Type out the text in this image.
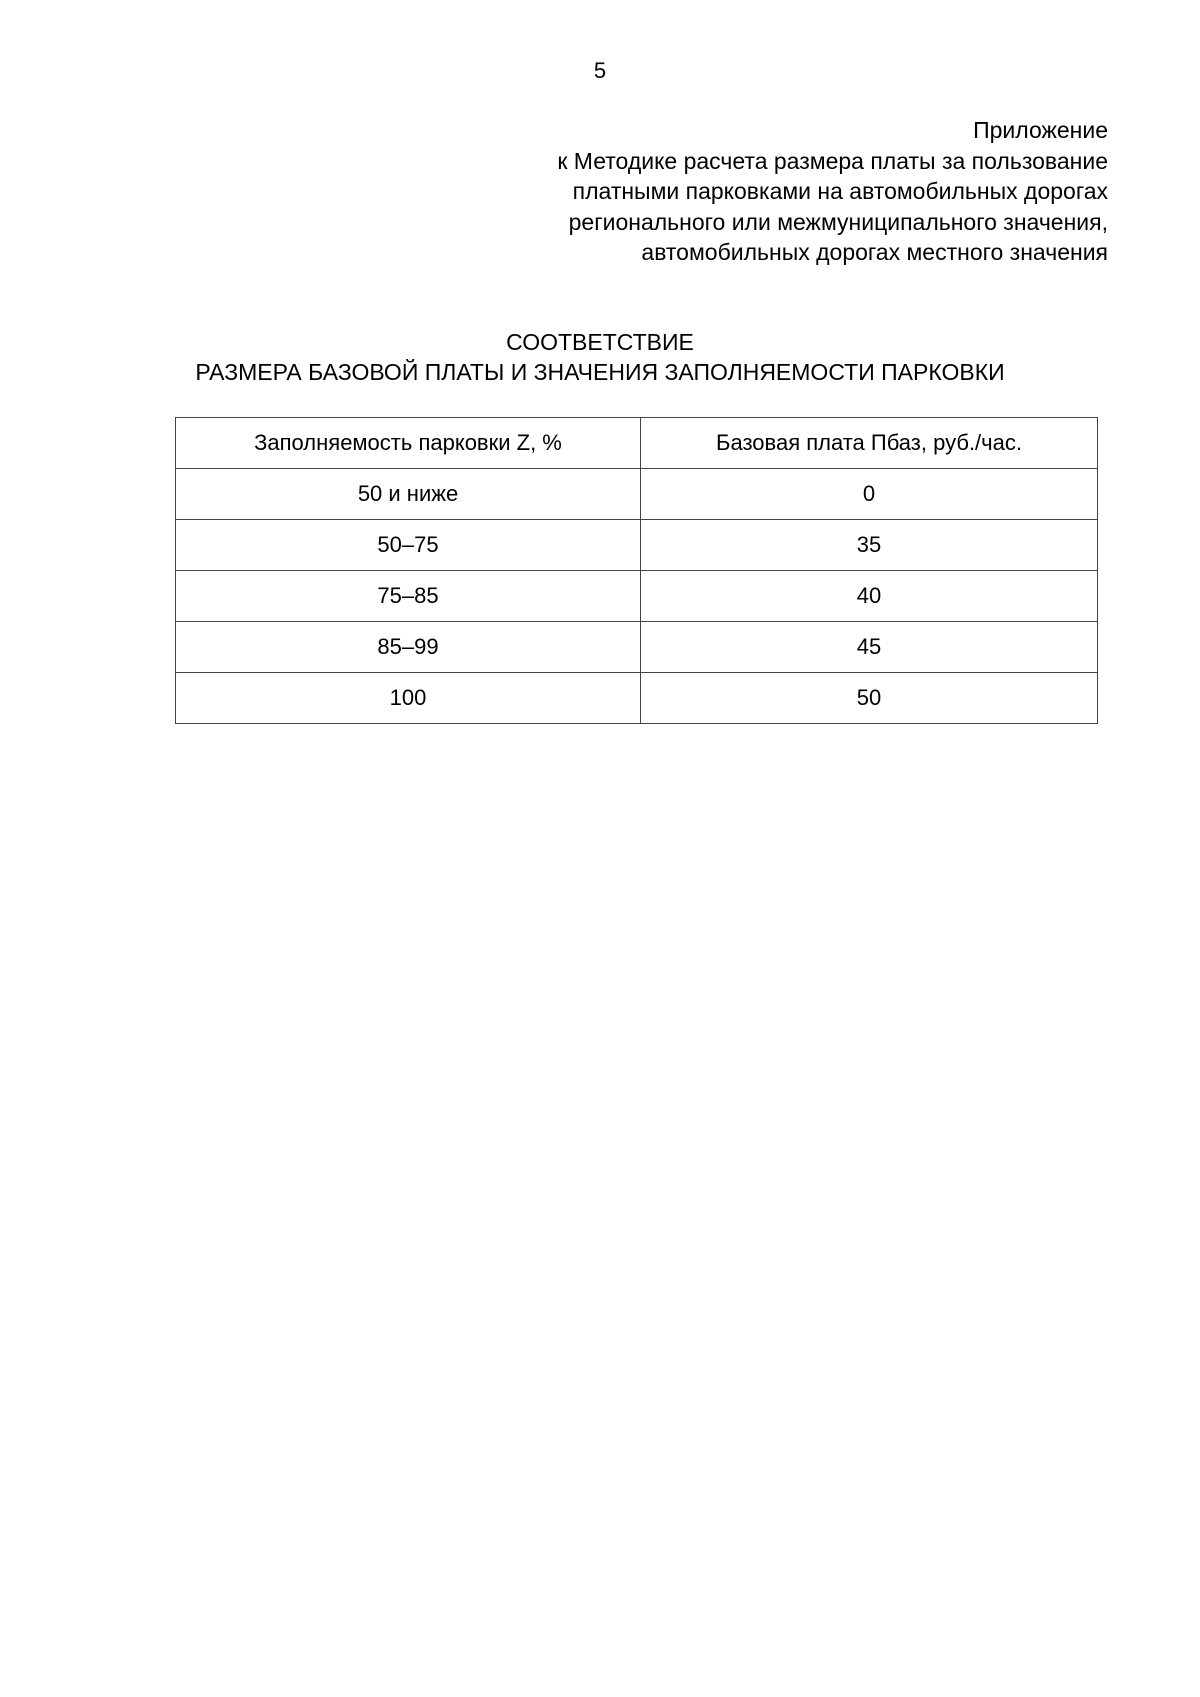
5
Приложение
к Методике расчета размера платы за пользование
платными парковками на автомобильных дорогах
регионального или межмуниципального значения,
автомобильных дорогах местного значения
СООТВЕТСТВИЕ
РАЗМЕРА БАЗОВОЙ ПЛАТЫ И ЗНАЧЕНИЯ ЗАПОЛНЯЕМОСТИ ПАРКОВКИ
Заполняемость парковки Z, %	Базовая плата Пбаз, руб./час.
50 и ниже	0
50–75	35
75–85	40
85–99	45
100	50
